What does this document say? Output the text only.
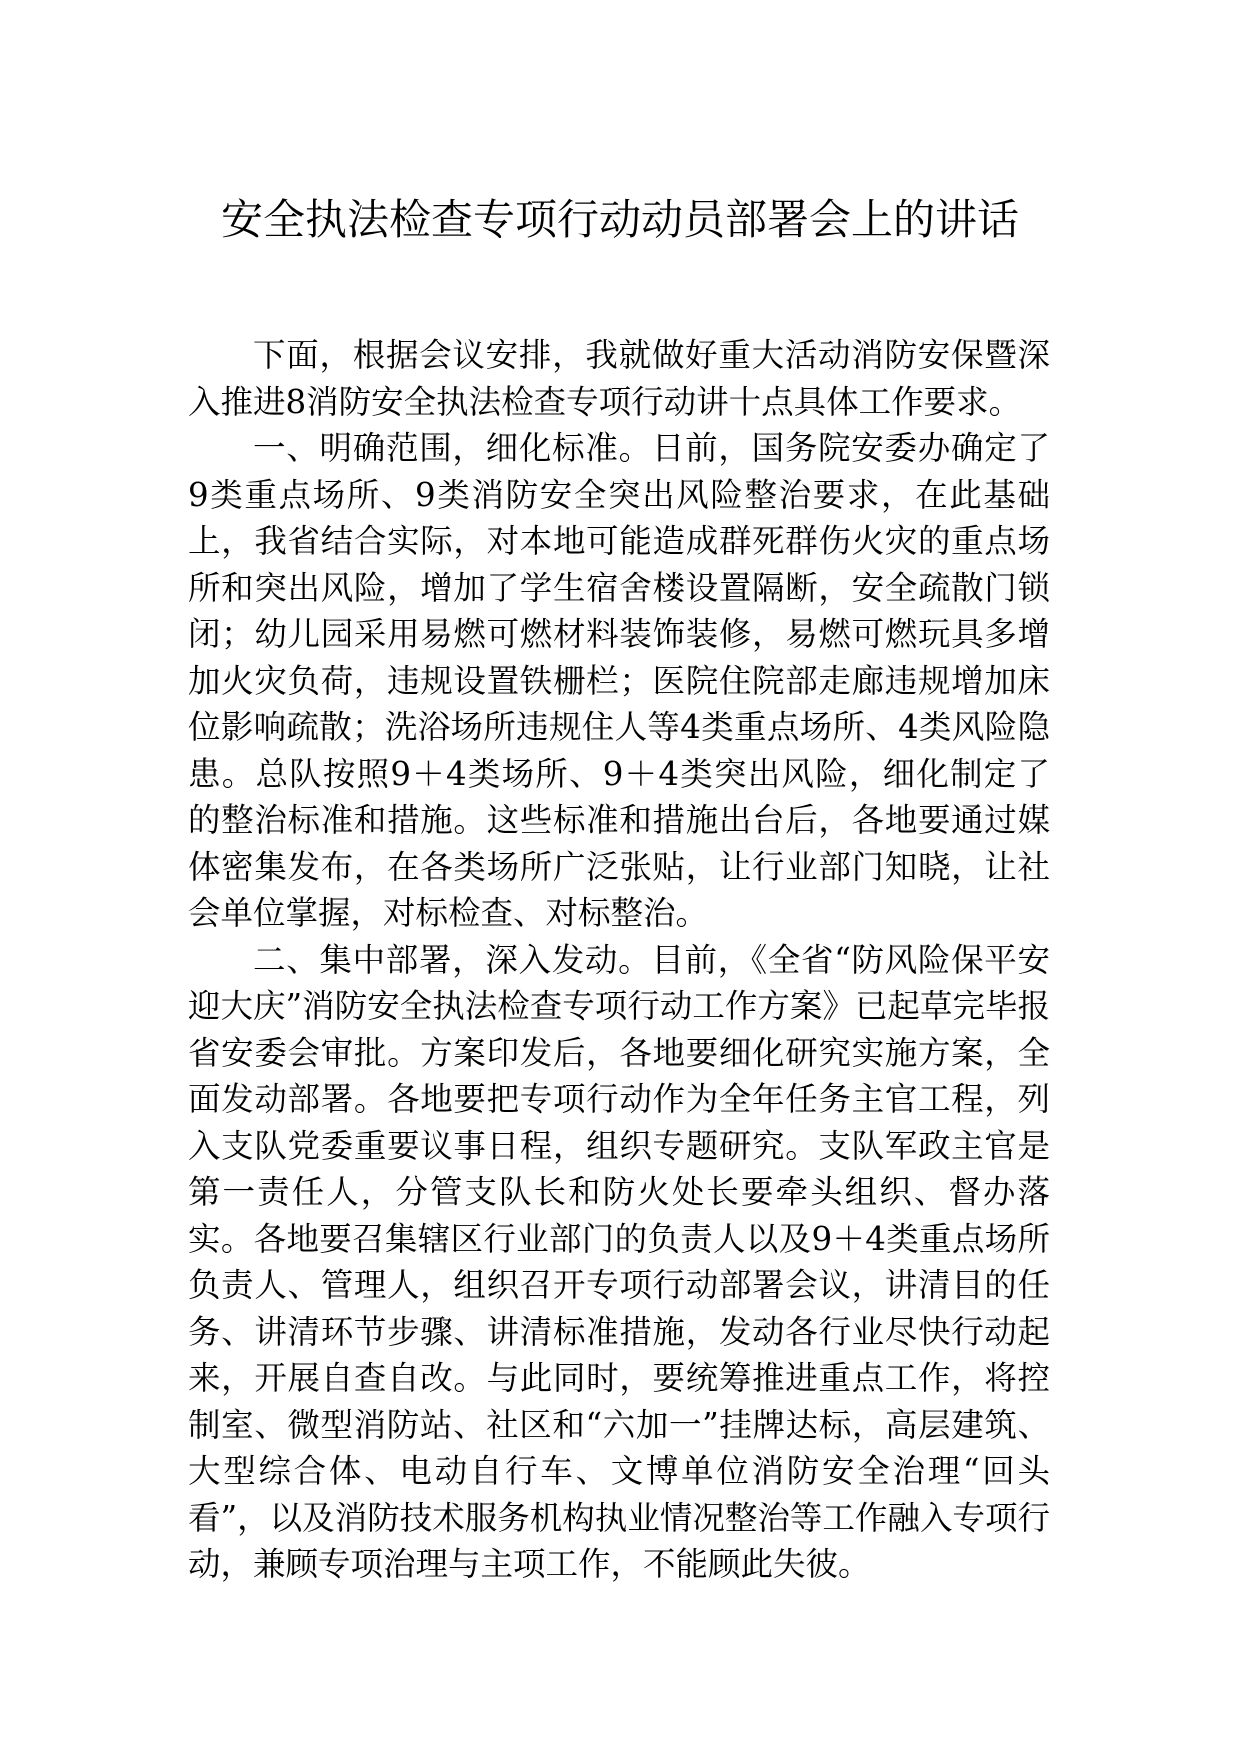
安全执法检查专项行动动员部署会上的讲话

下面，根据会议安排，我就做好重大活动消防安保暨深入推进8消防安全执法检查专项行动讲十点具体工作要求。

一、明确范围，细化标准。日前，国务院安委办确定了9类重点场所、9类消防安全突出风险整治要求，在此基础上，我省结合实际，对本地可能造成群死群伤火灾的重点场所和突出风险，增加了学生宿舍楼设置隔断，安全疏散门锁闭；幼儿园采用易燃可燃材料装饰装修，易燃可燃玩具多增加火灾负荷，违规设置铁栅栏；医院住院部走廊违规增加床位影响疏散；洗浴场所违规住人等4类重点场所、4类风险隐患。总队按照9＋4类场所、9＋4类突出风险，细化制定了的整治标准和措施。这些标准和措施出台后，各地要通过媒体密集发布，在各类场所广泛张贴，让行业部门知晓，让社会单位掌握，对标检查、对标整治。

二、集中部署，深入发动。目前，《全省“防风险保平安迎大庆”消防安全执法检查专项行动工作方案》已起草完毕报省安委会审批。方案印发后，各地要细化研究实施方案，全面发动部署。各地要把专项行动作为全年任务主官工程，列入支队党委重要议事日程，组织专题研究。支队军政主官是第一责任人，分管支队长和防火处长要牵头组织、督办落实。各地要召集辖区行业部门的负责人以及9＋4类重点场所负责人、管理人，组织召开专项行动部署会议，讲清目的任务、讲清环节步骤、讲清标准措施，发动各行业尽快行动起来，开展自查自改。与此同时，要统筹推进重点工作，将控制室、微型消防站、社区和“六加一”挂牌达标，高层建筑、大型综合体、电动自行车、文博单位消防安全治理“回头看”，以及消防技术服务机构执业情况整治等工作融入专项行动，兼顾专项治理与主项工作，不能顾此失彼。
